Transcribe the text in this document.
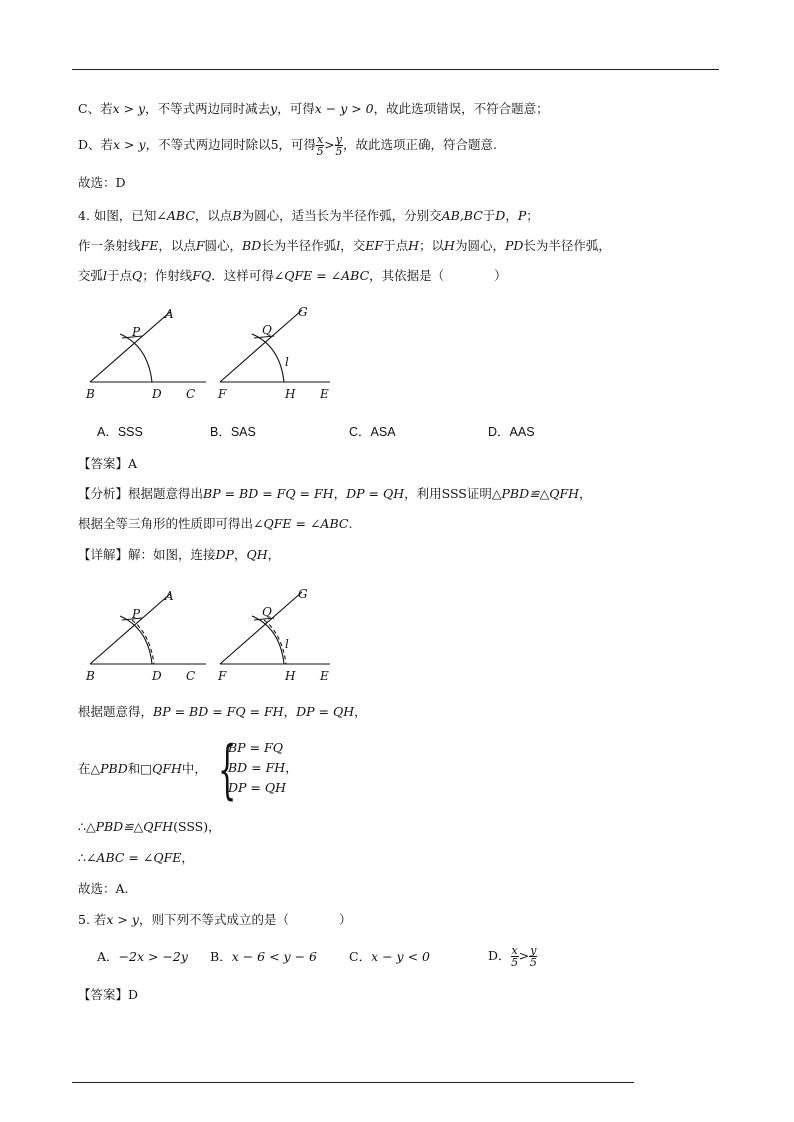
C、若x > y，不等式两边同时减去y，可得x − y > 0，故此选项错误，不符合题意；
D、若x > y，不等式两边同时除以5，可得 $\frac{x}{5} > \frac{y}{5}$ ，故此选项正确，符合题意.
故选：D
4. 如图，已知∠ABC，以点B为圆心，适当长为半径作弧，分别交AB,BC于D，P；
作一条射线FE，以点F圆心，BD长为半径作弧l，交EF于点H；以H为圆心，PD长为半径作弧，
交弧l于点Q；作射线FQ．这样可得∠QFE = ∠ABC，其依据是（　　　　）
A
P
B	D C
G
Q
l
F	H E
A．SSS	B．SAS	C．ASA	D．AAS
【答案】A
【分析】根据题意得出BP = BD = FQ = FH，DP = QH，利用SSS证明△PBD≌△QFH，
根据全等三角形的性质即可得出∠QFE = ∠ABC.
【详解】解：如图，连接DP，QH，
A
P
B	D C
G
Q
l
F	H E
根据题意得，BP = BD = FQ = FH，DP = QH，
在△PBD和□QFH中， {
BP = FQ
BD = FH，
DP = QH
∴△PBD≌△QFH(SSS)，
∴∠ABC = ∠QFE，
故选：A.
5. 若x > y，则下列不等式成立的是（　　　　）
A．−2x > −2y B．x − 6 < y − 6	C．x − y < 0	D． $\frac{x}{5} > \frac{y}{5}$
【答案】D
